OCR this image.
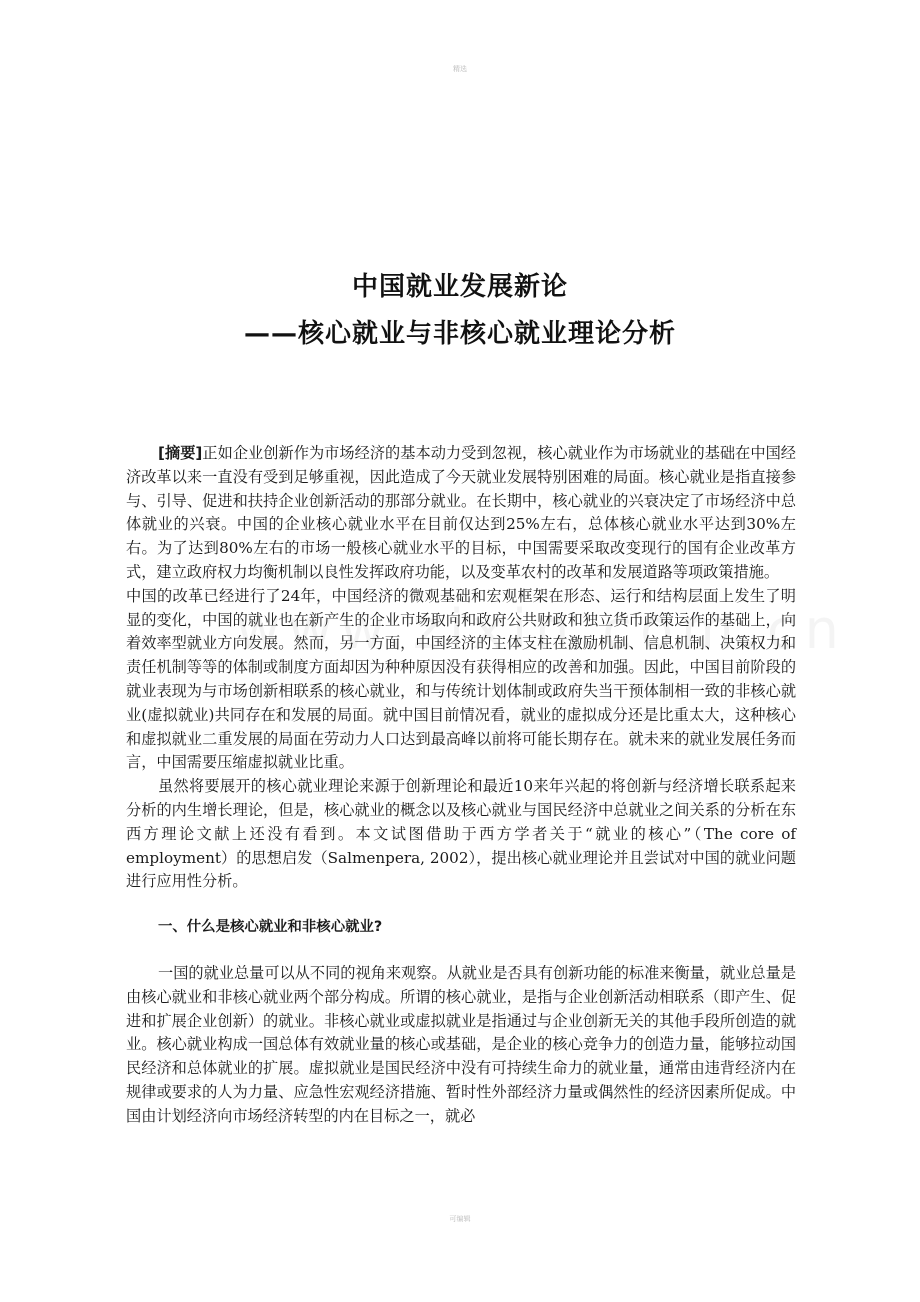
精选
中国就业发展新论
——核心就业与非核心就业理论分析

[摘要]正如企业创新作为市场经济的基本动力受到忽视，核心就业作为市场就业的基础在中国经济改革以来一直没有受到足够重视，因此造成了今天就业发展特别困难的局面。核心就业是指直接参与、引导、促进和扶持企业创新活动的那部分就业。在长期中，核心就业的兴衰决定了市场经济中总体就业的兴衰。中国的企业核心就业水平在目前仅达到25%左右，总体核心就业水平达到30%左右。为了达到80%左右的市场一般核心就业水平的目标，中国需要采取改变现行的国有企业改革方式，建立政府权力均衡机制以良性发挥政府功能，以及变革农村的改革和发展道路等项政策措施。

中国的改革已经进行了24年，中国经济的微观基础和宏观框架在形态、运行和结构层面上发生了明显的变化，中国的就业也在新产生的企业市场取向和政府公共财政和独立货币政策运作的基础上，向着效率型就业方向发展。然而，另一方面，中国经济的主体支柱在激励机制、信息机制、决策权力和责任机制等等的体制或制度方面却因为种种原因没有获得相应的改善和加强。因此，中国目前阶段的就业表现为与市场创新相联系的核心就业，和与传统计划体制或政府失当干预体制相一致的非核心就业(虚拟就业)共同存在和发展的局面。就中国目前情况看，就业的虚拟成分还是比重太大，这种核心和虚拟就业二重发展的局面在劳动力人口达到最高峰以前将可能长期存在。就未来的就业发展任务而言，中国需要压缩虚拟就业比重。

虽然将要展开的核心就业理论来源于创新理论和最近10来年兴起的将创新与经济增长联系起来分析的内生增长理论，但是，核心就业的概念以及核心就业与国民经济中总就业之间关系的分析在东西方理论文献上还没有看到。本文试图借助于西方学者关于“就业的核心”（The core of employment）的思想启发（Salmenpera, 2002），提出核心就业理论并且尝试对中国的就业问题进行应用性分析。

一、什么是核心就业和非核心就业?

一国的就业总量可以从不同的视角来观察。从就业是否具有创新功能的标准来衡量，就业总量是由核心就业和非核心就业两个部分构成。所谓的核心就业，是指与企业创新活动相联系（即产生、促进和扩展企业创新）的就业。非核心就业或虚拟就业是指通过与企业创新无关的其他手段所创造的就业。核心就业构成一国总体有效就业量的核心或基础，是企业的核心竞争力的创造力量，能够拉动国民经济和总体就业的扩展。虚拟就业是国民经济中没有可持续生命力的就业量，通常由违背经济内在规律或要求的人为力量、应急性宏观经济措施、暂时性外部经济力量或偶然性的经济因素所促成。中国由计划经济向市场经济转型的内在目标之一，就必

可编辑
